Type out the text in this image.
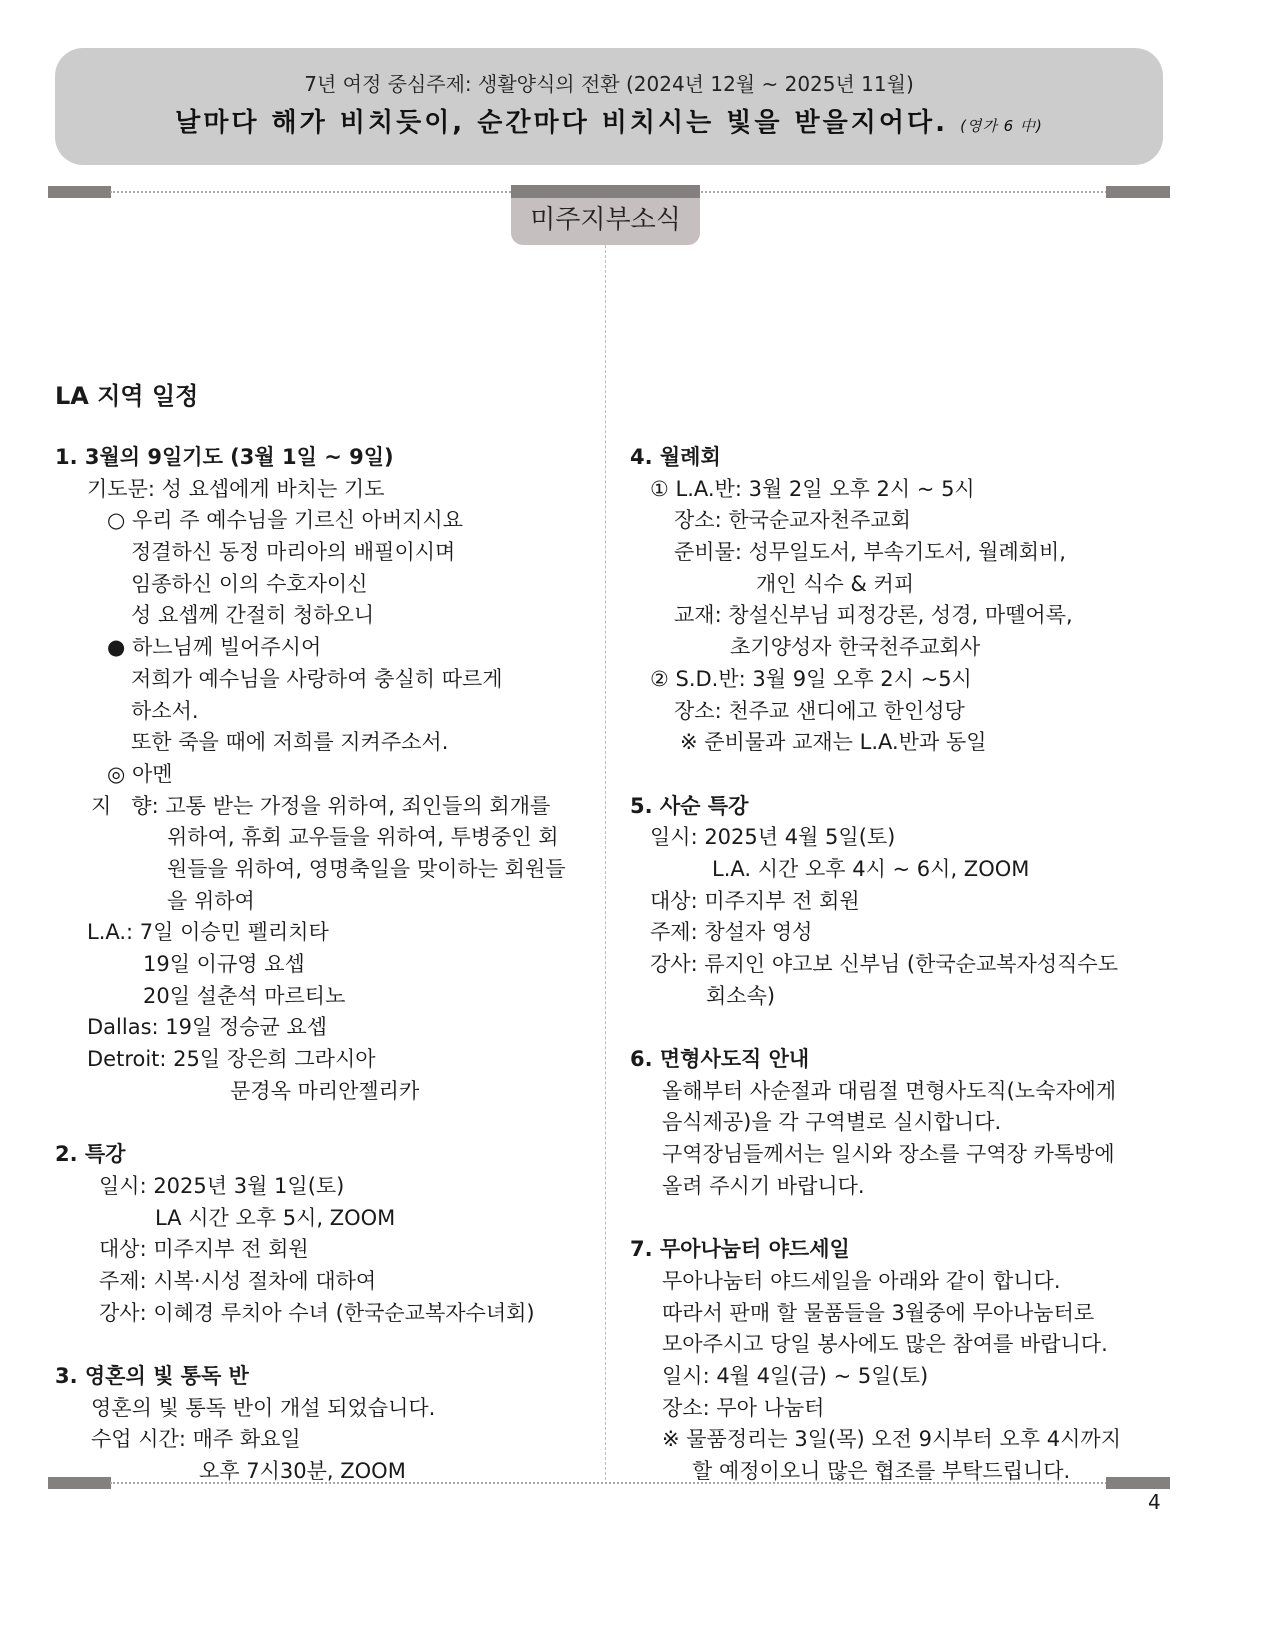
7년 여정 중심주제: 생활양식의 전환 (2024년 12월 ~ 2025년 11월)
날마다 해가 비치듯이, 순간마다 비치시는 빛을 받을지어다. (영가 6 中)
미주지부소식
LA 지역 일정
1. 3월의 9일기도 (3월 1일 ~ 9일)
기도문: 성 요셉에게 바치는 기도
○ 우리 주 예수님을 기르신 아버지시요
정결하신 동정 마리아의 배필이시며
임종하신 이의 수호자이신
성 요셉께 간절히 청하오니
● 하느님께 빌어주시어
저희가 예수님을 사랑하여 충실히 따르게
하소서.
또한 죽을 때에 저희를 지켜주소서.
◎ 아멘
지   향: 고통 받는 가정을 위하여, 죄인들의 회개를
위하여, 휴회 교우들을 위하여, 투병중인 회
원들을 위하여, 영명축일을 맞이하는 회원들
을 위하여
L.A.: 7일 이승민 펠리치타
19일 이규영 요셉
20일 설춘석 마르티노
Dallas: 19일 정승균 요셉
Detroit: 25일 장은희 그라시아
문경옥 마리안젤리카
2. 특강
일시: 2025년 3월 1일(토)
LA 시간 오후 5시, ZOOM
대상: 미주지부 전 회원
주제: 시복·시성 절차에 대하여
강사: 이혜경 루치아 수녀 (한국순교복자수녀회)
3. 영혼의 빛 통독 반
영혼의 빛 통독 반이 개설 되었습니다.
수업 시간: 매주 화요일
오후 7시30분, ZOOM
4. 월례회
① L.A.반: 3월 2일 오후 2시 ~ 5시
장소: 한국순교자천주교회
준비물: 성무일도서, 부속기도서, 월례회비,
개인 식수 & 커피
교재: 창설신부님 피정강론, 성경, 마뗄어록,
초기양성자 한국천주교회사
② S.D.반: 3월 9일 오후 2시 ~5시
장소: 천주교 샌디에고 한인성당
※ 준비물과 교재는 L.A.반과 동일
5. 사순 특강
일시: 2025년 4월 5일(토)
L.A. 시간 오후 4시 ~ 6시, ZOOM
대상: 미주지부 전 회원
주제: 창설자 영성
강사: 류지인 야고보 신부님 (한국순교복자성직수도
회소속)
6. 면형사도직 안내
올해부터 사순절과 대림절 면형사도직(노숙자에게
음식제공)을 각 구역별로 실시합니다.
구역장님들께서는 일시와 장소를 구역장 카톡방에
올려 주시기 바랍니다.
7. 무아나눔터 야드세일
무아나눔터 야드세일을 아래와 같이 합니다.
따라서 판매 할 물품들을 3월중에 무아나눔터로
모아주시고 당일 봉사에도 많은 참여를 바랍니다.
일시: 4월 4일(금) ~ 5일(토)
장소: 무아 나눔터
※ 물품정리는 3일(목) 오전 9시부터 오후 4시까지
할 예정이오니 많은 협조를 부탁드립니다.
4
